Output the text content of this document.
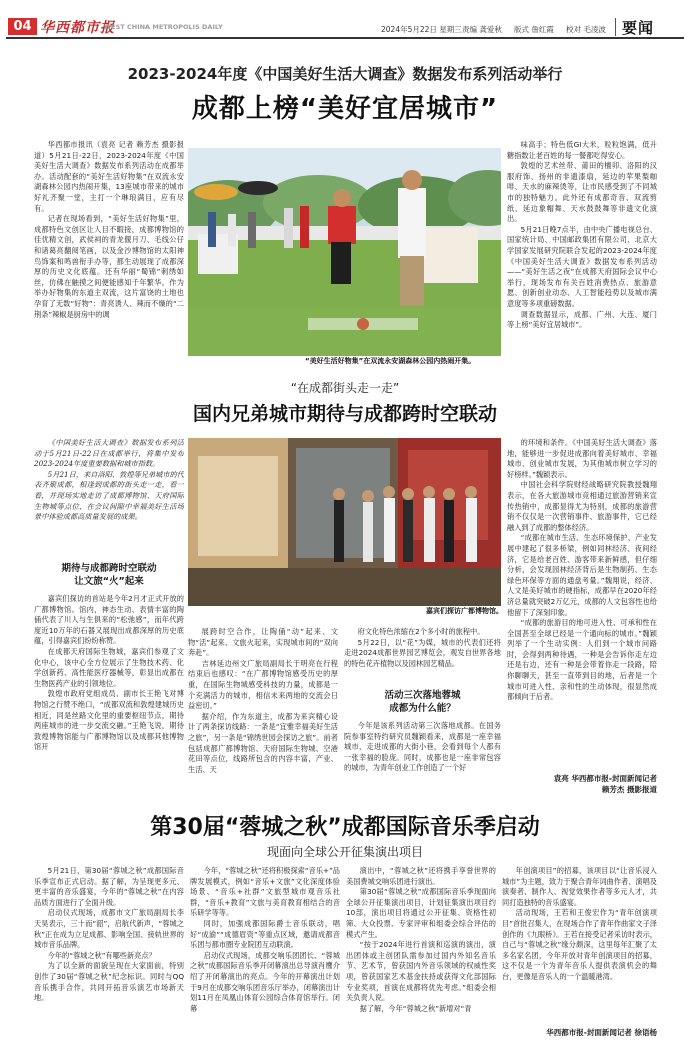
04 华西都市报
WEST CHINA METROPOLIS DAILY	2024年5月22日 星期三 责编 龚爱秋 版式 詹红霞 校对 毛凌波 要闻
2023-2024年度《中国美好生活大调查》数据发布系列活动举行
成都上榜“美好宜居城市”

华西都市报讯（袁亮 记者 赖芳杰 摄影报道）5月21日-22日，2023-2024年度《中国美好生活大调查》数据发布系列活动在成都举办。活动配套的“美好生活好物集”在双流永安湖森林公园内热闹开集，13座城市带来的城市好礼齐聚一堂，主打一个琳琅满目，应有尽有。

记者在现场看到，“美好生活好物集”里，成都特色文创区让人目不暇接，成都博物馆的佳优精文创，武侯祠的青龙偃月刀、毛线公仔和诸葛亮翻阅笔画，以及金沙博物馆的太阳神鸟饰案和鸣兽衔手办等，都生动展现了成都深厚的历史文化底蕴。还有华丽“蜀锦”刺绣如丝，仿佛在触摸之间便能感知千年繁华。作为举办好物集的东道主双流，这片富饶的土地也孕育了无数“好物”：青亮诱人、辣而不燥的“二荆条”辣椒是厨房中的调

“美好生活好物集”在双流永安湖森林公园内热闹开集。

味高手；特色低GI大米，粒粒饱满，低升糖指数让老百姓的每一餐都吃得安心。

敦煌的艺术丝带、莆田的檀卯、洛阳的汉服府饰、扬州的非遗漆扇，延边的苹果梨咖啡、天水的麻辣烫等，让市民感受到了不同城市的独特魅力。此外还有成都奇音、双流剪纸、延边象帽舞、天水鼓鼓舞等非遗文化演出。

5月21日晚7点半，由中央广播电视总台、国家统计局、中国邮政集团有限公司、北京大学国家发展研究院联合发起的2023-2024年度《中国美好生活大调查》数据发布系列活动——“美好生活之夜”在成都天府国际会议中心举行，现场发布有关百姓消费热点、旅游意愿、创新创业动态、人工智能趋势以及城市满意度等多项重磅数据。

调查数据显示，成都、广州、大连、厦门等上榜“美好宜居城市”。

“在成都街头走一走”
国内兄弟城市期待与成都跨时空联动

《中国美好生活大调查》数据发布系列活动于5月21日-22日在成都举行，将集中发布2023-2024年度重要数据和城市指数。

5月21日，来自洛阳、敦煌等兄弟城市的代表齐聚成都，相逢到成都的街头走一走，看一看，并现场实地走访了成都博物馆、天府国际生物城等点位，在会议间隙中幸福美好生活场景中体验成都高质量发展的成果。

期待与成都跨时空联动
让文旅“火”起来

嘉宾们探访的首站是今年2月才正式开放的广都博物馆。馆内，神态生动、表情丰富的陶俑代表了川人与生俱来的“松弛感”，而年代跨度近10万年的石器又展现出成都深厚的历史底蕴，引得嘉宾们纷纷称赞。

在成都天府国际生物城，嘉宾们参观了文化中心，该中心全方位展示了生物技术药、化学创新药、高性能医疗器械等，彰显出成都在生物医药产业的引领地位。

敦煌市政府党组成员、副市长王艳飞对博物馆之行赞不绝口，“成都双流和敦煌建城历史相近，同是丝路文化里的重要枢纽节点，期待两座城市的进一步交流交融。”王艳飞说，期待敦煌博物馆能与广都博物馆以及成都其他博物馆开

嘉宾们探访广都博物馆。

展跨时空合作，让陶俑“动”起来、文物“活”起来、文旅火起来，实现城市间的“双向奔赴”。

吉林延边州文广旅局副局长于明亮在行程结束后也感叹：“在广都博物馆感受历史的厚重，在国际生物城感受科技的力量，成都是一个充满活力的城市，相信未来两地的交流会日益密切。”

据介绍，作为东道主，成都为来宾精心设计了两条探访线路：一条是“宜雅幸福美好生活之旅”，另一条是“锦绣世园会探访之旅”。前者包括成都广都博物馆、天府国际生物城、空港花田等点位，线路所包含的内容丰富，产业、生活、天

府文化特色浓缩在2个多小时的旅程中。

5月22日，以“花”为媒，城市的代表们还将走进2024成都世界园艺博览会，观发自世界各地的特色花卉植物以及园林园艺精品。

活动三次落地蓉城
成都为什么能？

今年是该系列活动第三次落地成都。在国务院参事室特约研究员魏颖看来，成都是一座幸福城市，走进成都的大街小巷，会看到每个人都有一张幸福的脸庞。同时，成都也是一座非常包容的城市，为青年创业工作创造了一个好

的环境和条件。《中国美好生活大调查》落地，能够进一步促进成都向着美好城市、幸福城市、创业城市发展，为其他城市树立学习的好榜样。”魏颖表示。

中国社会科学院财经战略研究院教授魏翔表示，在各大旅游城市竞相通过旅游营销来宣传热销中，成都显得尤为特别，成都的旅游营销不仅仅是一次营销事件、旅游事件，它已经融入到了成都的整体经济。

“成都在城市生活、生态环境保护、产业发展中建起了很多桥梁，例如同林经济、夜间经济，它是给老百姓、游客带来新鲜感，但仔细分析，会发现园林经济背后是生物制药、生态绿色环保等方面的通盘考量。”魏翔说，经济、人文是美好城市的硬指标，成都早在2020年经济总量就突破2万亿元，成都的人文包容性也给他留下了深刻印象。

“成都的旅游目的地可进入性、可承和性在全国甚至全球已经是一个通向标的城市。”魏颖列举了一个生动实例：人们到一个城市问路时，会得到两种待遇，一种是会告诉你走左边还是右边，还有一种是会带着你走一段路，陪你聊聊天，甚至一直带到目的地，后者是一个城市可进入性、亲和性的生动体现，很显然成都倾向于后者。

袁亮 华西都市报-封面新闻记者
赖芳杰 摄影报道
第30届“蓉城之秋”成都国际音乐季启动
现面向全球公开征集演出项目

5月21日，第30届“蓉城之秋”成都国际音乐季宣布正式启动。据了解，为呈现更多元、更丰富的音乐盛宴，今年的“蓉城之秋”在内容品质方面进行了全面升级。

启动仪式现场，成都市文广旅局副局长李天昊表示，三十而“韶”，启航代新声，“蓉城之秋”正在成为立足成都、影响全国、接轨世界的城市音乐品牌。

今年的“蓉城之秋”有哪些新亮点？

为了以全新的面貌呈现在大家面前，特别创作了30届“蓉城之秋”纪念标识。同时与QQ音乐携手合作，共同开拓音乐演艺市场新天地。

今年，“蓉城之秋”还将积极探索“音乐+”品牌发展模式，例如“音乐+文旅”文化深度体验场景、“音乐+社群”文旅型城市观音乐社群，“音乐+教育”文旅与美育教育相结合的音乐研学等等。

同时，加强成都国际爵士音乐联动，唱好“成渝”“成德眉资”等重点区域，邀请成都音乐团与都市圈专业院团互动联演。

启动仪式现场，成都交响乐团团长、“蓉城之秋”成都国际音乐季开闭幕演出总导演肖鹰介绍了开闭幕演出的亮点。今年的开幕演出计划于9月在成都交响乐团音乐厅举办，闭幕演出计划11月在凤凰山体育公园综合体育馆举行。闭幕

演出中，“蓉城之秋”还将携手享誉世界的美国费城交响乐团进行演出。

第30届“蓉城之秋”成都国际音乐季现面向全球公开征集演出项目，计划征集演出项目约10部，演出项目将通过公开征集、资格性初筛、大众投票、专家评审和组委会综合评估的模式产生。

“按于2024年进行首演和巡演的演出，演出团体或主创团队需参加过国内外知名音乐节、艺术节，曾获国内外音乐领域的权威性奖项，曾获国家艺术基金扶持或获得文化部国际专业奖项，首演在成都将优先考虑。”组委会相关负责人说。

据了解，今年“蓉城之秋”新增对“青

年创演项目”的招募，该项目以“让音乐浸入城市”为主题，致力于聚合青年词曲作者、演唱及演奏者、制作人、视觉效果作者等多元人才，共同打造独特的音乐盛宴。

活动现场，王若和王俊宏作为“青年创演项目”首批召集人，在现场合作了青年作曲家文子泽创作的《九眼桥》。王若在接受记者采访时表示，自己与“蓉城之秋”缘分颇深，这里每年汇聚了太多名家名团，今年开放对青年创演项目的招募，这不仅是一个为青年音乐人提供表演机会的舞台，更像是音乐人的一个温暖港湾。

华西都市报-封面新闻记者 徐语杨
